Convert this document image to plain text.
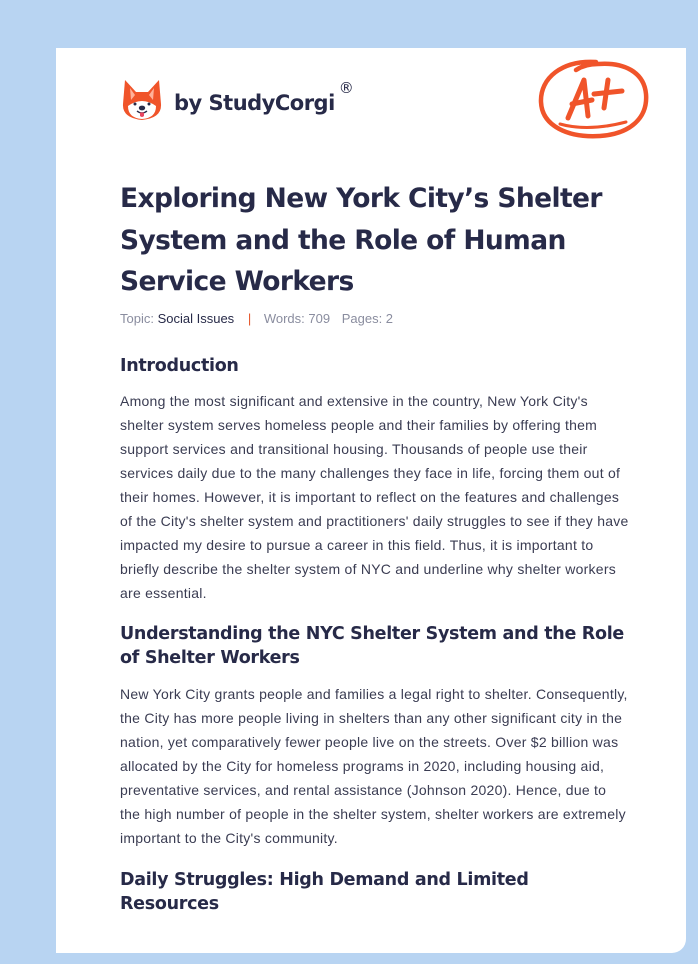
by StudyCorgi
®
Exploring New York City’s Shelter System and the Role of Human Service Workers
Topic: Social Issues | Words: 709 Pages: 2
Introduction

Among the most significant and extensive in the country, New York City's shelter system serves homeless people and their families by offering them support services and transitional housing. Thousands of people use their services daily due to the many challenges they face in life, forcing them out of their homes. However, it is important to reflect on the features and challenges of the City's shelter system and practitioners' daily struggles to see if they have impacted my desire to pursue a career in this field. Thus, it is important to briefly describe the shelter system of NYC and underline why shelter workers are essential.

Understanding the NYC Shelter System and the Role of Shelter Workers

New York City grants people and families a legal right to shelter. Consequently, the City has more people living in shelters than any other significant city in the nation, yet comparatively fewer people live on the streets. Over $2 billion was allocated by the City for homeless programs in 2020, including housing aid, preventative services, and rental assistance (Johnson 2020). Hence, due to the high number of people in the shelter system, shelter workers are extremely important to the City's community.

Daily Struggles: High Demand and Limited Resources
